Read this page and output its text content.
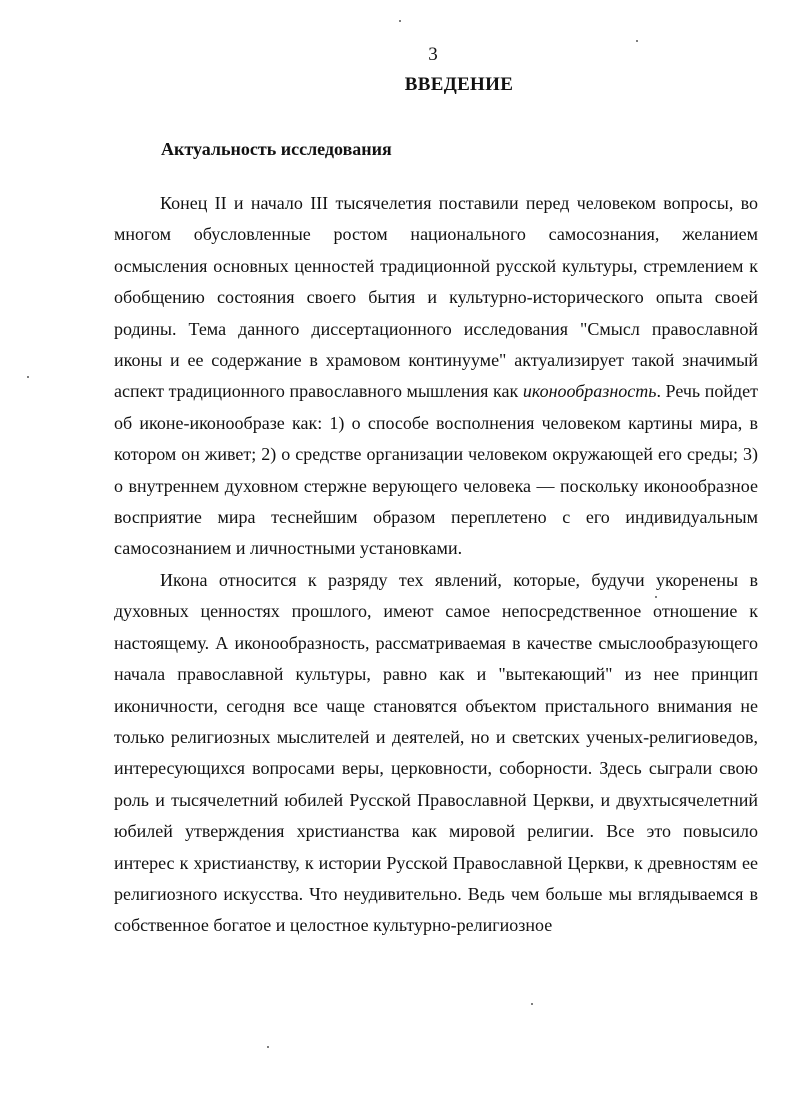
3
ВВЕДЕНИЕ
Актуальность исследования

Конец II и начало III тысячелетия поставили перед человеком вопросы, во многом обусловленные ростом национального самосознания, желанием осмысления основных ценностей традиционной русской культуры, стремлением к обобщению состояния своего бытия и культурно-исторического опыта своей родины. Тема данного диссертационного исследования "Смысл православной иконы и ее содержание в храмовом континууме" актуализирует такой значимый аспект традиционного православного мышления как иконообразность. Речь пойдет об иконе-иконообразе как: 1) о способе восполнения человеком картины мира, в котором он живет; 2) о средстве организации человеком окружающей его среды; 3) о внутреннем духовном стержне верующего человека — поскольку иконообразное восприятие мира теснейшим образом переплетено с его индивидуальным самосознанием и личностными установками.

Икона относится к разряду тех явлений, которые, будучи укоренены в духовных ценностях прошлого, имеют самое непосредственное отношение к настоящему. А иконообразность, рассматриваемая в качестве смыслообразующего начала православной культуры, равно как и "вытекающий" из нее принцип иконичности, сегодня все чаще становятся объектом пристального внимания не только религиозных мыслителей и деятелей, но и светских ученых-религиоведов, интересующихся вопросами веры, церковности, соборности. Здесь сыграли свою роль и тысячелетний юбилей Русской Православной Церкви, и двухтысячелетний юбилей утверждения христианства как мировой религии. Все это повысило интерес к христианству, к истории Русской Православной Церкви, к древностям ее религиозного искусства. Что неудивительно. Ведь чем больше мы вглядываемся в собственное богатое и целостное культурно-религиозное
